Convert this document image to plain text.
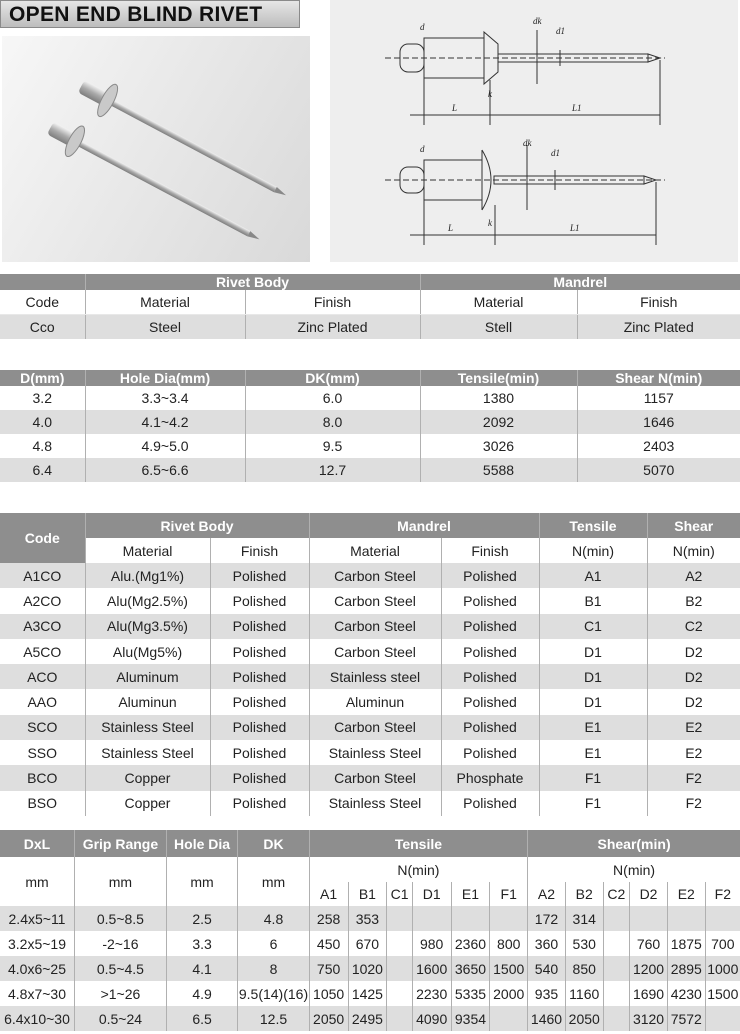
OPEN END BLIND RIVET
d
dk
d1
k
L	L1
d
dk
d1
k
L	L1
	Rivet Body		Mandrel	
Code	Material	Finish	Material	Finish
Cco	Steel	Zinc Plated	Stell	Zinc Plated
D(mm)	Hole Dia(mm)	DK(mm)	Tensile(min)	Shear N(min)
3.2	3.3~3.4	6.0	1380	1157
4.0	4.1~4.2	8.0	2092	1646
4.8	4.9~5.0	9.5	3026	2403
6.4	6.5~6.6	12.7	5588	5070
Code	Rivet Body		Mandrel		Tensile	Shear
	Material	Finish	Material	Finish	N(min)	N(min)
A1CO	Alu.(Mg1%)	Polished	Carbon Steel	Polished	A1	A2
A2CO	Alu(Mg2.5%)	Polished	Carbon Steel	Polished	B1	B2
A3CO	Alu(Mg3.5%)	Polished	Carbon Steel	Polished	C1	C2
A5CO	Alu(Mg5%)	Polished	Carbon Steel	Polished	D1	D2
ACO	Aluminum	Polished	Stainless steel	Polished	D1	D2
AAO	Aluminun	Polished	Aluminun	Polished	D1	D2
SCO	Stainless Steel	Polished	Carbon Steel	Polished	E1	E2
SSO	Stainless Steel	Polished	Stainless Steel	Polished	E1	E2
BCO	Copper	Polished	Carbon Steel	Phosphate	F1	F2
BSO	Copper	Polished	Stainless Steel	Polished	F1	F2
DxL	Grip Range	Hole Dia	DK	Tensile						Shear(min)					
mm	mm	mm	mm	N(min)						N(min)					
				A1	B1	C1	D1	E1	F1	A2	B2	C2	D2	E2	F2
2.4x5~11	0.5~8.5	2.5	4.8	258	353					172	314				
3.2x5~19	-2~16	3.3	6	450	670		980	2360	800	360	530		760	1875	700
4.0x6~25	0.5~4.5	4.1	8	750	1020		1600	3650	1500	540	850		1200	2895	1000
4.8x7~30	>1~26	4.9	9.5(14)(16)	1050	1425		2230	5335	2000	935	1160		1690	4230	1500
6.4x10~30	0.5~24	6.5	12.5	2050	2495		4090	9354		1460	2050		3120	7572	
